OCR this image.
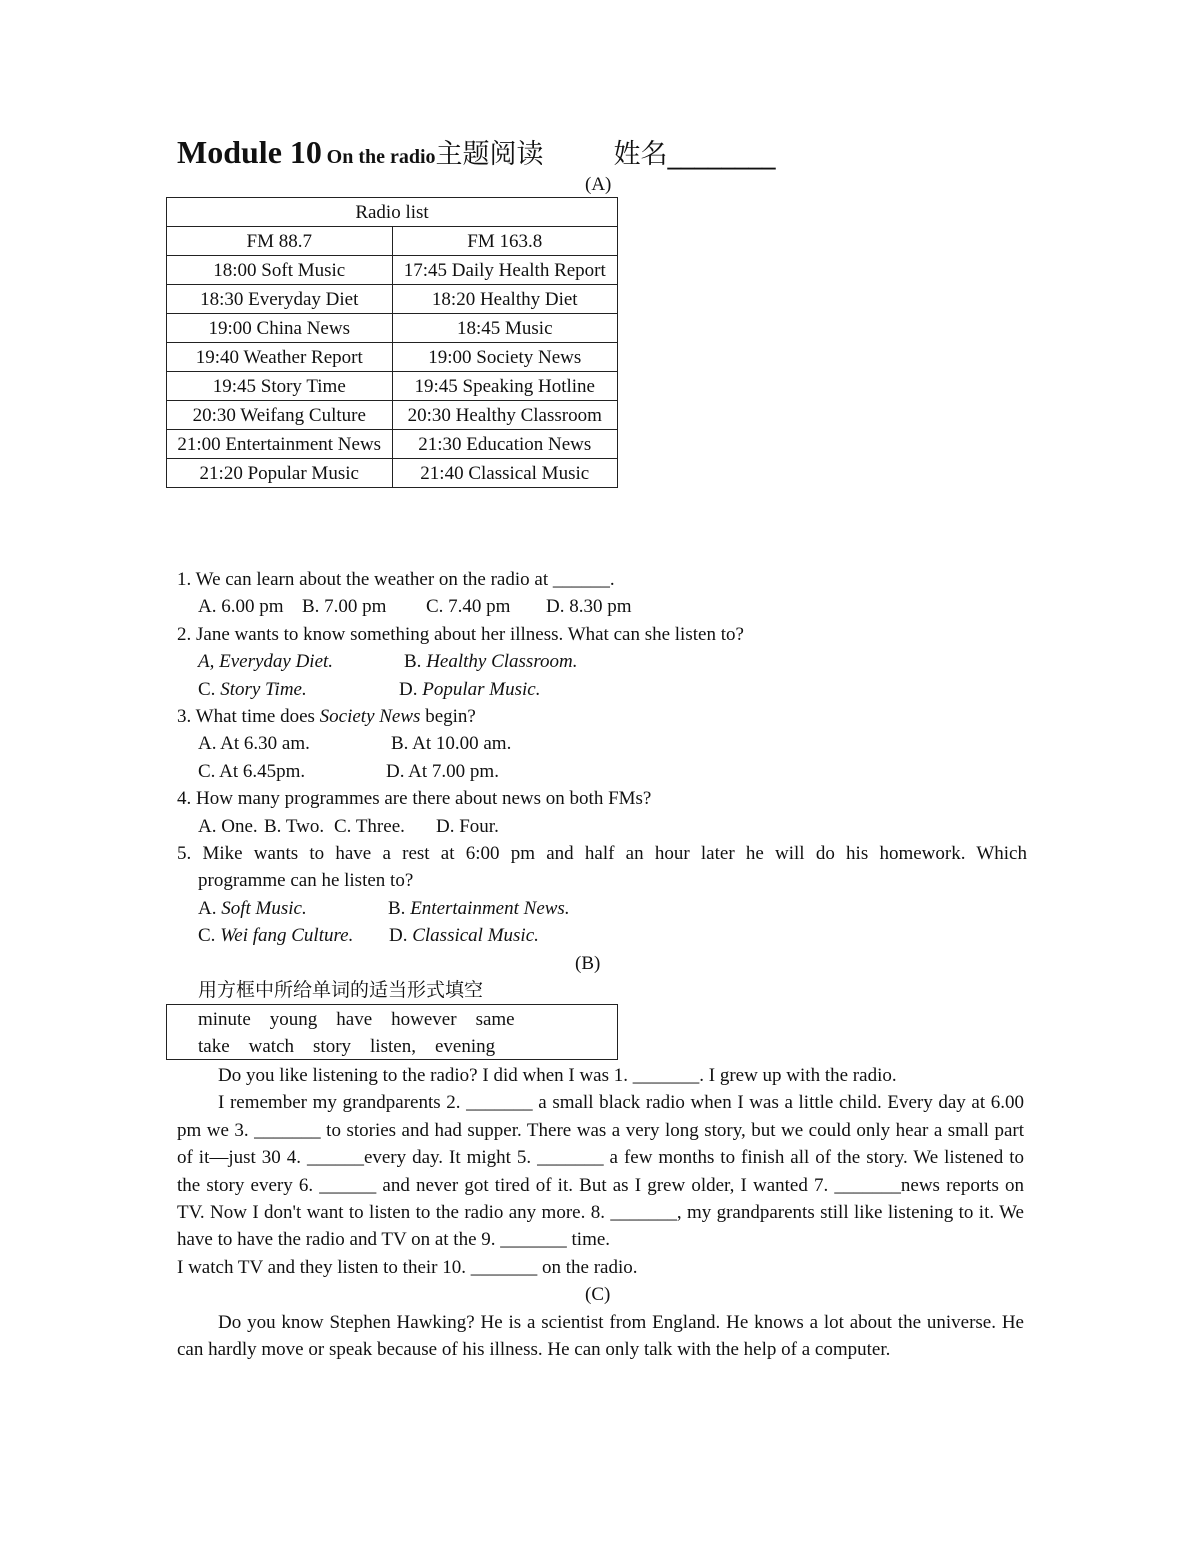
Module 10 On the radio主题阅读	姓名________
(A)
Radio list	
FM 88.7	FM 163.8
18:00 Soft Music	17:45 Daily Health Report
18:30 Everyday Diet	18:20 Healthy Diet
19:00 China News	18:45 Music
19:40 Weather Report	19:00 Society News
19:45 Story Time	19:45 Speaking Hotline
20:30 Weifang Culture	20:30 Healthy Classroom
21:00 Entertainment News	21:30 Education News
21:20 Popular Music	21:40 Classical Music
1. We can learn about the weather on the radio at ______.
A. 6.00 pm B. 7.00 pm C. 7.40 pm D. 8.30 pm
2. Jane wants to know something about her illness. What can she listen to?
A, Everyday Diet.	B. Healthy Classroom.
C. Story Time.	D. Popular Music.
3. What time does Society News begin?
A. At 6.30 am.	B. At 10.00 am.
C. At 6.45pm.	D. At 7.00 pm.
4. How many programmes are there about news on both FMs?
A. One. B. Two. C. Three. D. Four.
5. Mike wants to have a rest at 6:00 pm and half an hour later he will do his homework. Which
programme can he listen to?
A. Soft Music.	B. Entertainment News.
C. Wei fang Culture. D. Classical Music.
(B)
用方框中所给单词的适当形式填空
minute young have however same
take watch story listen, evening

Do you like listening to the radio? I did when I was 1. _______. I grew up with the radio.

I remember my grandparents 2. _______ a small black radio when I was a little child. Every day at 6.00 pm we 3. _______ to stories and had supper. There was a very long story, but we could only hear a small part of it—just 30 4. ______every day. It might 5. _______ a few months to finish all of the story. We listened to the story every 6. ______ and never got tired of it. But as I grew older, I wanted 7. _______news reports on TV. Now I don't want to listen to the radio any more. 8. _______, my grandparents still like listening to it. We have to have the radio and TV on at the 9. _______ time.

I watch TV and they listen to their 10. _______ on the radio.

(C)

Do you know Stephen Hawking? He is a scientist from England. He knows a lot about the universe. He can hardly move or speak because of his illness. He can only talk with the help of a computer.
